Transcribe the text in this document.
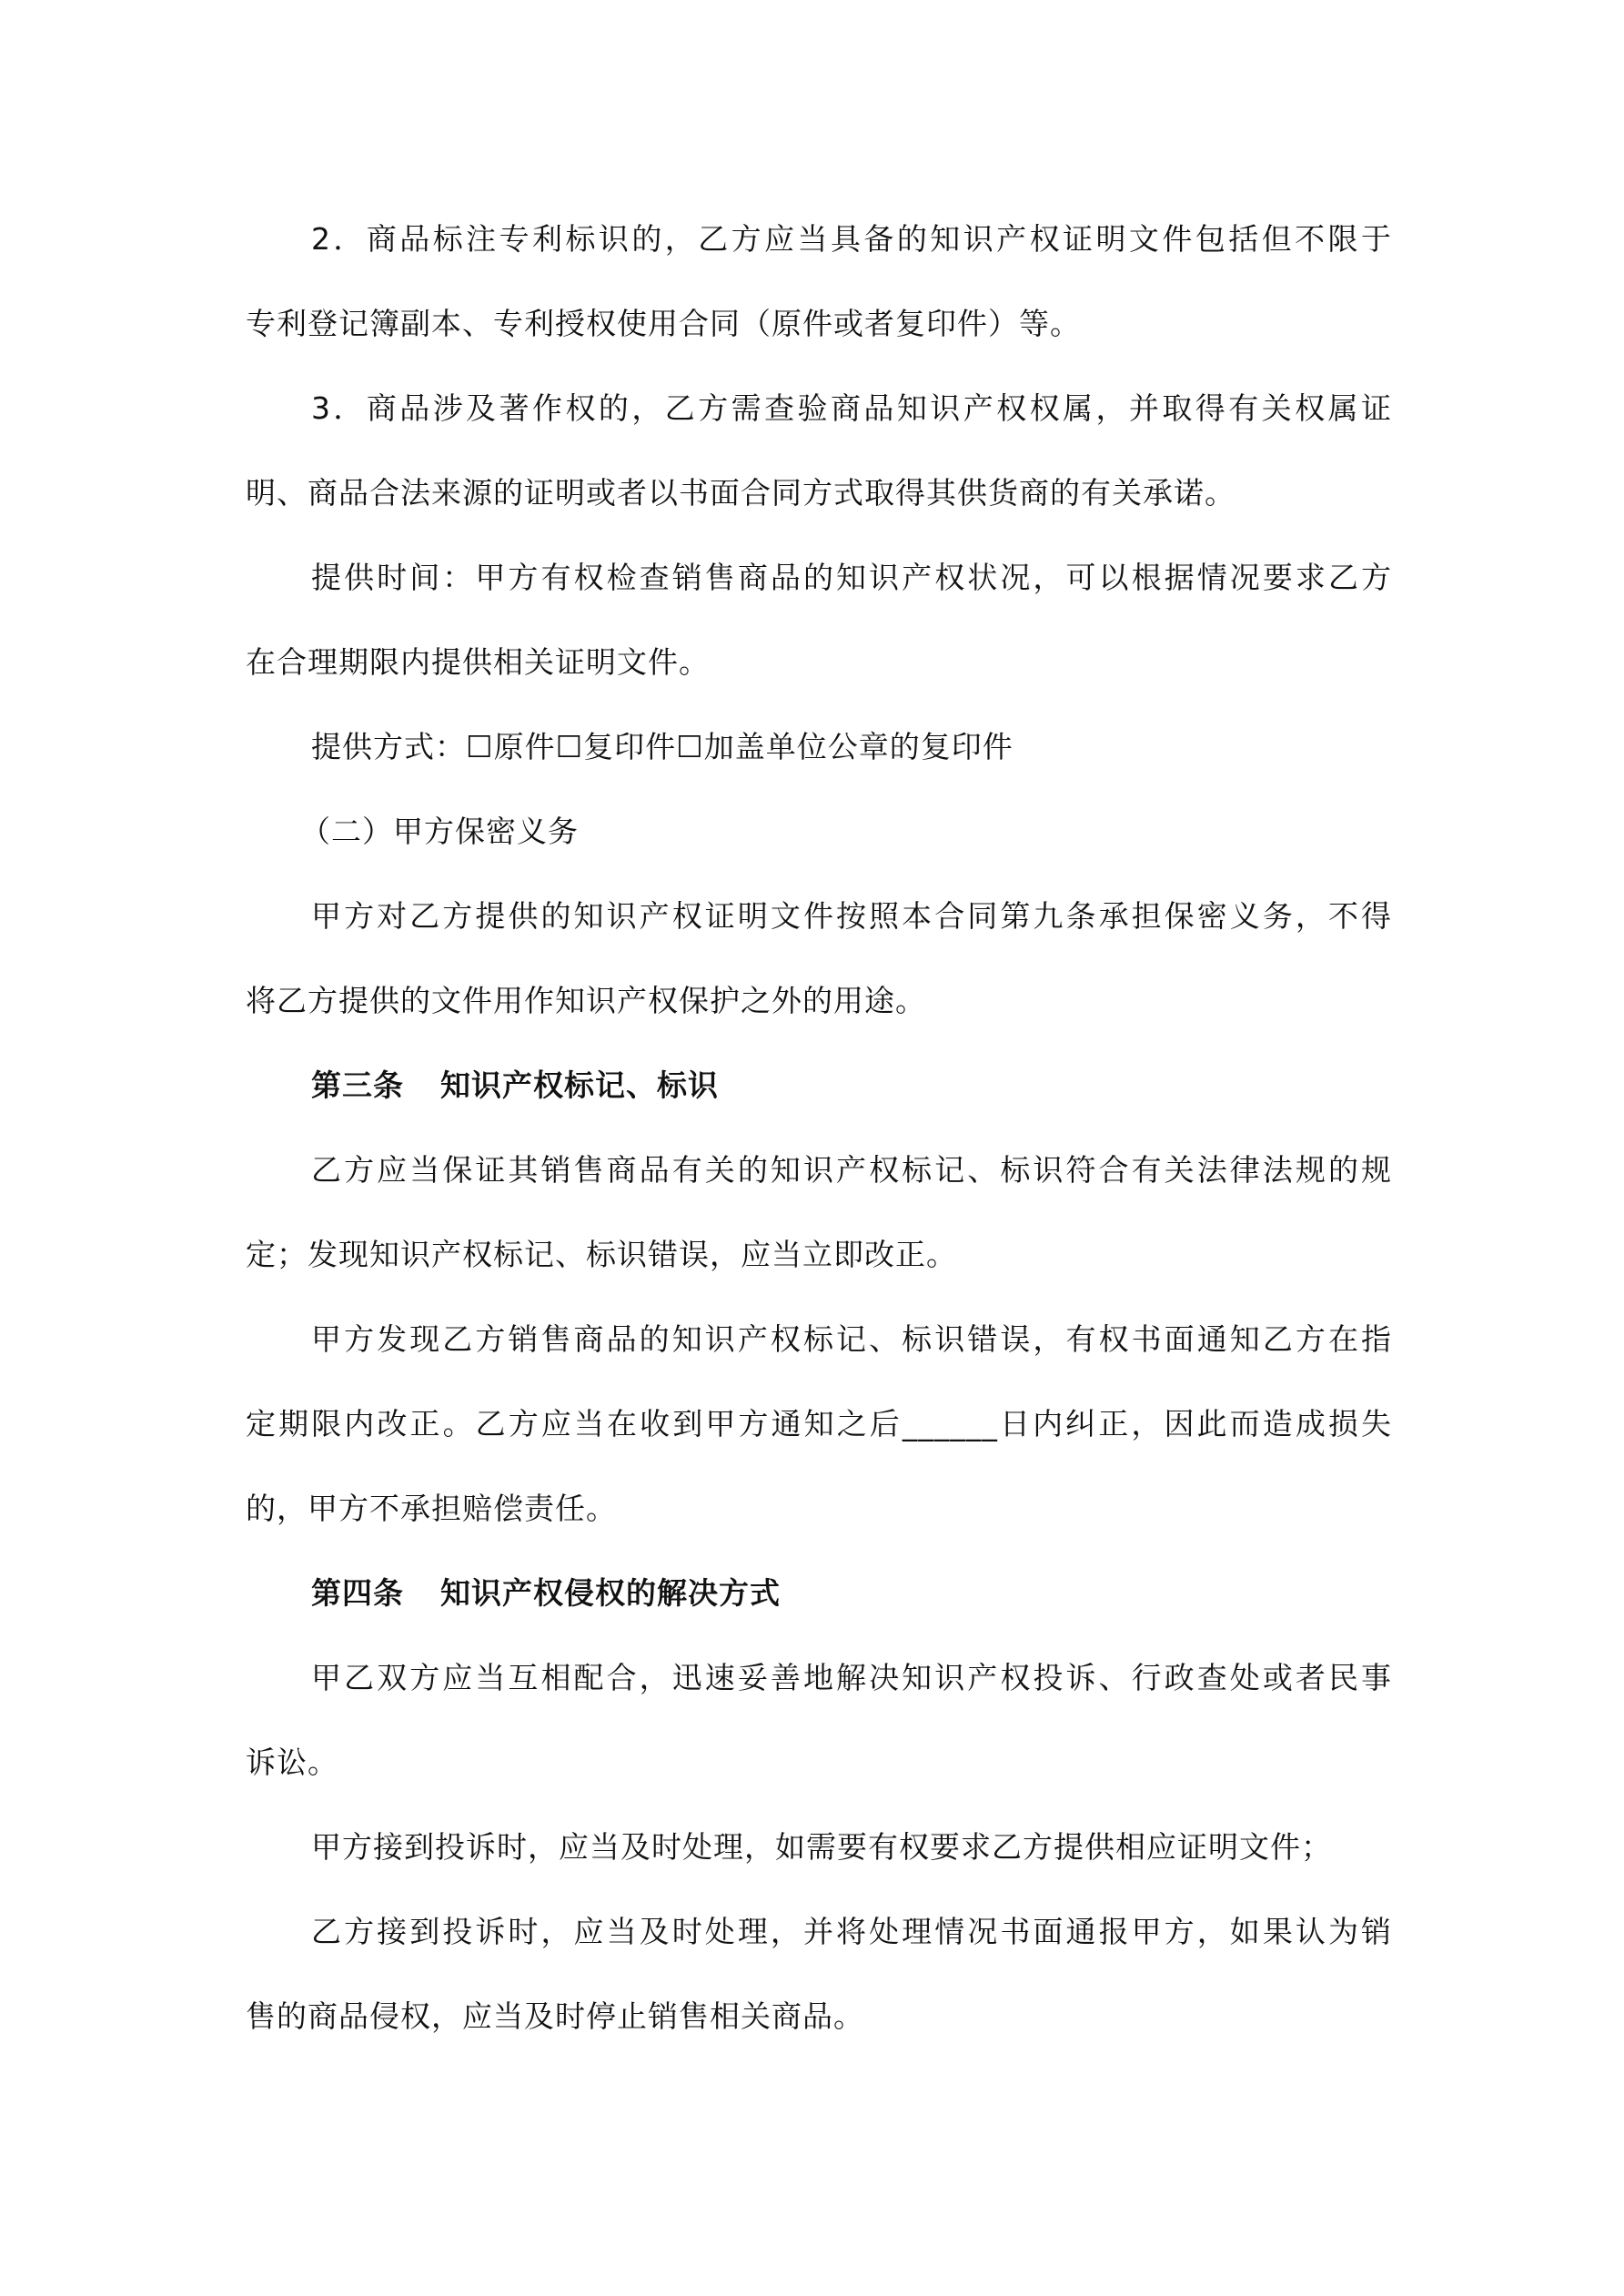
2．商品标注专利标识的，乙方应当具备的知识产权证明文件包括但不限于
专利登记簿副本、专利授权使用合同（原件或者复印件）等。
3．商品涉及著作权的，乙方需查验商品知识产权权属，并取得有关权属证
明、商品合法来源的证明或者以书面合同方式取得其供货商的有关承诺。
提供时间：甲方有权检查销售商品的知识产权状况，可以根据情况要求乙方
在合理期限内提供相关证明文件。
提供方式：☐原件☐复印件☐加盖单位公章的复印件
（二）甲方保密义务
甲方对乙方提供的知识产权证明文件按照本合同第九条承担保密义务，不得
将乙方提供的文件用作知识产权保护之外的用途。
第三条 知识产权标记、标识
乙方应当保证其销售商品有关的知识产权标记、标识符合有关法律法规的规
定；发现知识产权标记、标识错误，应当立即改正。
甲方发现乙方销售商品的知识产权标记、标识错误，有权书面通知乙方在指
定期限内改正。乙方应当在收到甲方通知之后______日内纠正，因此而造成损失
的，甲方不承担赔偿责任。
第四条 知识产权侵权的解决方式
甲乙双方应当互相配合，迅速妥善地解决知识产权投诉、行政查处或者民事
诉讼。
甲方接到投诉时，应当及时处理，如需要有权要求乙方提供相应证明文件；
乙方接到投诉时，应当及时处理，并将处理情况书面通报甲方，如果认为销
售的商品侵权，应当及时停止销售相关商品。
